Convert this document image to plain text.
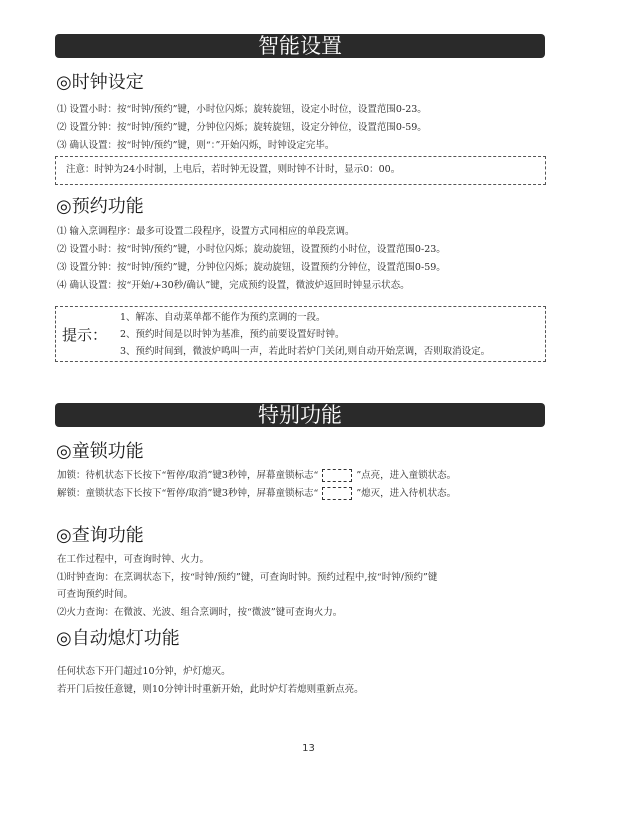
智能设置
◎时钟设定
⑴ 设置小时：按“时钟/预约”键，小时位闪烁；旋转旋钮，设定小时位，设置范围0-23。
⑵ 设置分钟：按“时钟/预约”键，分钟位闪烁；旋转旋钮，设定分钟位，设置范围0-59。
⑶ 确认设置：按“时钟/预约”键，则“：”开始闪烁，时钟设定完毕。
注意：时钟为24小时制，上电后，若时钟无设置，则时钟不计时，显示0：00。
◎预约功能
⑴ 输入烹调程序：最多可设置二段程序，设置方式同相应的单段烹调。
⑵ 设置小时：按“时钟/预约”键，小时位闪烁；旋动旋钮，设置预约小时位，设置范围0-23。
⑶ 设置分钟：按“时钟/预约”键，分钟位闪烁；旋动旋钮，设置预约分钟位，设置范围0-59。
⑷ 确认设置：按“开始/+30秒/确认”键，完成预约设置，微波炉返回时钟显示状态。
提示：
1、解冻、自动菜单都不能作为预约烹调的一段。
2、预约时间是以时钟为基准，预约前要设置好时钟。
3、预约时间到，微波炉鸣叫一声，若此时若炉门关闭,则自动开始烹调，否则取消设定。
特别功能
◎童锁功能
加锁：待机状态下长按下“暂停/取消”键3秒钟，屏幕童锁标志“	”点亮，进入童锁状态。
解锁：童锁状态下长按下“暂停/取消”键3秒钟，屏幕童锁标志“	”熄灭，进入待机状态。
◎查询功能
在工作过程中，可查询时钟、火力。
⑴时钟查询：在烹调状态下，按“时钟/预约”键，可查询时钟。预约过程中,按“时钟/预约”键
可查询预约时间。
⑵火力查询：在微波、光波、组合烹调时，按“微波”键可查询火力。
◎自动熄灯功能
任何状态下开门超过10分钟，炉灯熄灭。
若开门后按任意键，则10分钟计时重新开始，此时炉灯若熄则重新点亮。
13
